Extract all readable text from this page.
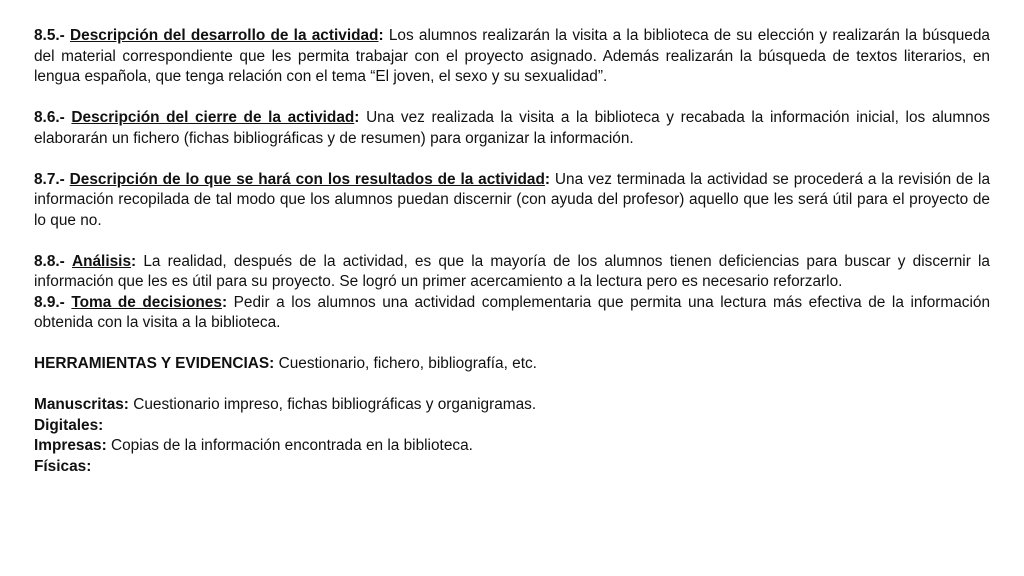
8.5.- Descripción del desarrollo de la actividad: Los alumnos realizarán la visita a la biblioteca de su elección y realizarán la búsqueda del material correspondiente que les permita trabajar con el proyecto asignado. Además realizarán la búsqueda de textos literarios, en lengua española, que tenga relación con el tema “El joven, el sexo y su sexualidad”.

8.6.- Descripción del cierre de la actividad: Una vez realizada la visita a la biblioteca y recabada la información inicial, los alumnos elaborarán un fichero (fichas bibliográficas y de resumen) para organizar la información.

8.7.- Descripción de lo que se hará con los resultados de la actividad: Una vez terminada la actividad se procederá a la revisión de la información recopilada de tal modo que los alumnos puedan discernir (con ayuda del profesor) aquello que les será útil para el proyecto de lo que no.

8.8.- Análisis: La realidad, después de la actividad, es que la mayoría de los alumnos tienen deficiencias para buscar y discernir la información que les es útil para su proyecto. Se logró un primer acercamiento a la lectura pero es necesario reforzarlo.

8.9.- Toma de decisiones: Pedir a los alumnos una actividad complementaria que permita una lectura más efectiva de la información obtenida con la visita a la biblioteca.

HERRAMIENTAS Y EVIDENCIAS: Cuestionario, fichero, bibliografía, etc.

Manuscritas: Cuestionario impreso, fichas bibliográficas y organigramas.

Digitales:

Impresas: Copias de la información encontrada en la biblioteca.

Físicas:
